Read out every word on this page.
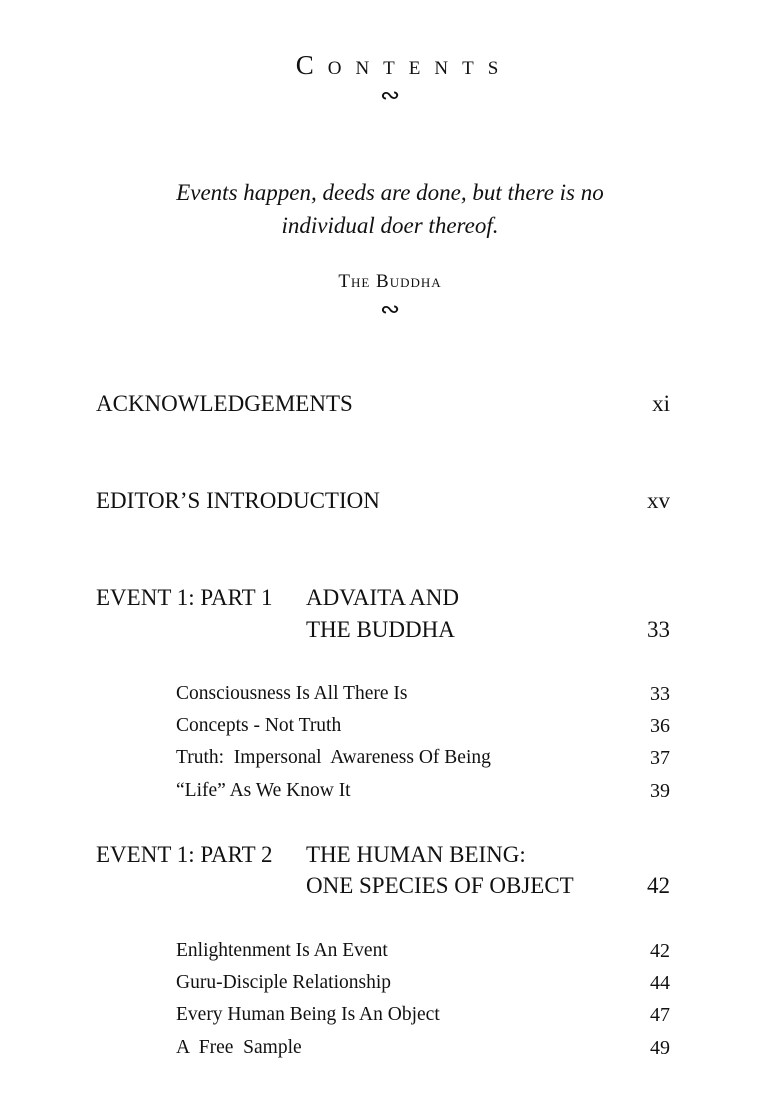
Contents
∾
Events happen, deeds are done, but there is no
individual doer thereof.
The Buddha
∾
ACKNOWLEDGEMENTS	xi
EDITOR’S INTRODUCTION	xv
EVENT 1: PART 1 ADVAITA AND
THE BUDDHA	33
Consciousness Is All There Is	33
Concepts - Not Truth	36
Truth:  Impersonal  Awareness Of Being	37
“Life” As We Know It	39
EVENT 1: PART 2 THE HUMAN BEING:
ONE SPECIES OF OBJECT	42
Enlightenment Is An Event	42
Guru-Disciple Relationship	44
Every Human Being Is An Object	47
A  Free  Sample	49
